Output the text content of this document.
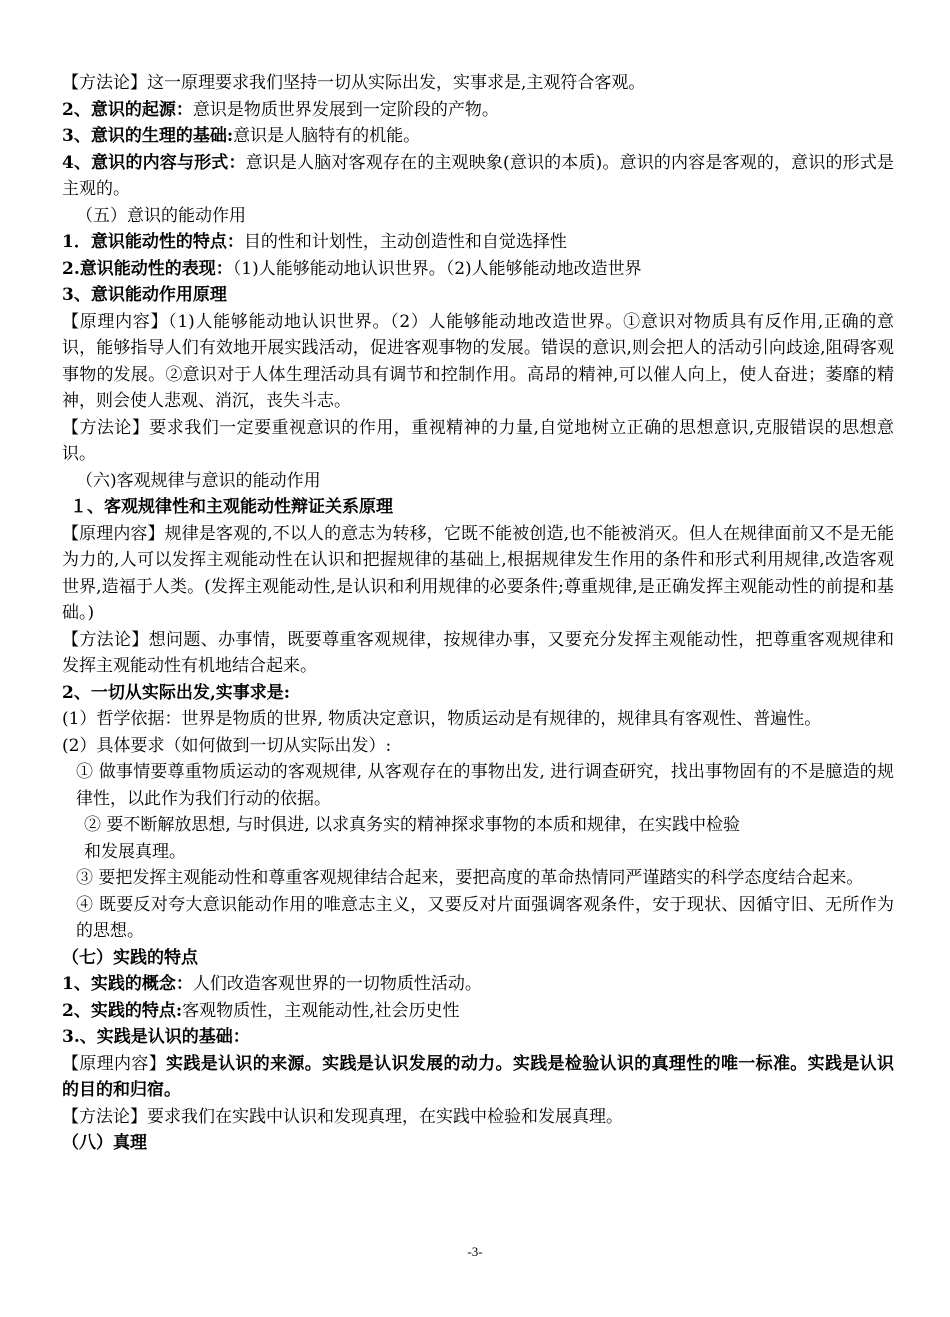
【方法论】这一原理要求我们坚持一切从实际出发，实事求是,主观符合客观。

2、意识的起源：意识是物质世界发展到一定阶段的产物。

3、意识的生理的基础:意识是人脑特有的机能。

4、意识的内容与形式：意识是人脑对客观存在的主观映象(意识的本质)。意识的内容是客观的，意识的形式是主观的。

（五）意识的能动作用

1．意识能动性的特点：目的性和计划性，主动创造性和自觉选择性

2.意识能动性的表现：（1)人能够能动地认识世界。（2)人能够能动地改造世界

3、意识能动作用原理

【原理内容】（1)人能够能动地认识世界。（2）人能够能动地改造世界。①意识对物质具有反作用,正确的意识，能够指导人们有效地开展实践活动，促进客观事物的发展。错误的意识,则会把人的活动引向歧途,阻碍客观事物的发展。②意识对于人体生理活动具有调节和控制作用。高昂的精神,可以催人向上，使人奋进；萎靡的精神，则会使人悲观、消沉，丧失斗志。

【方法论】要求我们一定要重视意识的作用，重视精神的力量,自觉地树立正确的思想意识,克服错误的思想意识。

（六)客观规律与意识的能动作用

１、客观规律性和主观能动性辩证关系原理

【原理内容】规律是客观的,不以人的意志为转移，它既不能被创造,也不能被消灭。但人在规律面前又不是无能为力的,人可以发挥主观能动性在认识和把握规律的基础上,根据规律发生作用的条件和形式利用规律,改造客观世界,造福于人类。(发挥主观能动性,是认识和利用规律的必要条件;尊重规律,是正确发挥主观能动性的前提和基础。)

【方法论】想问题、办事情，既要尊重客观规律，按规律办事，又要充分发挥主观能动性，把尊重客观规律和发挥主观能动性有机地结合起来。

2、一切从实际出发,实事求是:

(1）哲学依据：世界是物质的世界, 物质决定意识，物质运动是有规律的，规律具有客观性、普遍性。

(2）具体要求（如何做到一切从实际出发）:

① 做事情要尊重物质运动的客观规律, 从客观存在的事物出发, 进行调查研究，找出事物固有的不是臆造的规律性，以此作为我们行动的依据。

② 要不断解放思想, 与时俱进, 以求真务实的精神探求事物的本质和规律，在实践中检验

和发展真理。

③ 要把发挥主观能动性和尊重客观规律结合起来，要把高度的革命热情同严谨踏实的科学态度结合起来。

④ 既要反对夸大意识能动作用的唯意志主义，又要反对片面强调客观条件，安于现状、因循守旧、无所作为的思想。

（七）实践的特点

1、实践的概念：人们改造客观世界的一切物质性活动。

2、实践的特点:客观物质性，主观能动性,社会历史性

3.、实践是认识的基础：

【原理内容】实践是认识的来源。实践是认识发展的动力。实践是检验认识的真理性的唯一标准。实践是认识的目的和归宿。

【方法论】要求我们在实践中认识和发现真理，在实践中检验和发展真理。

（八）真理

-3-
